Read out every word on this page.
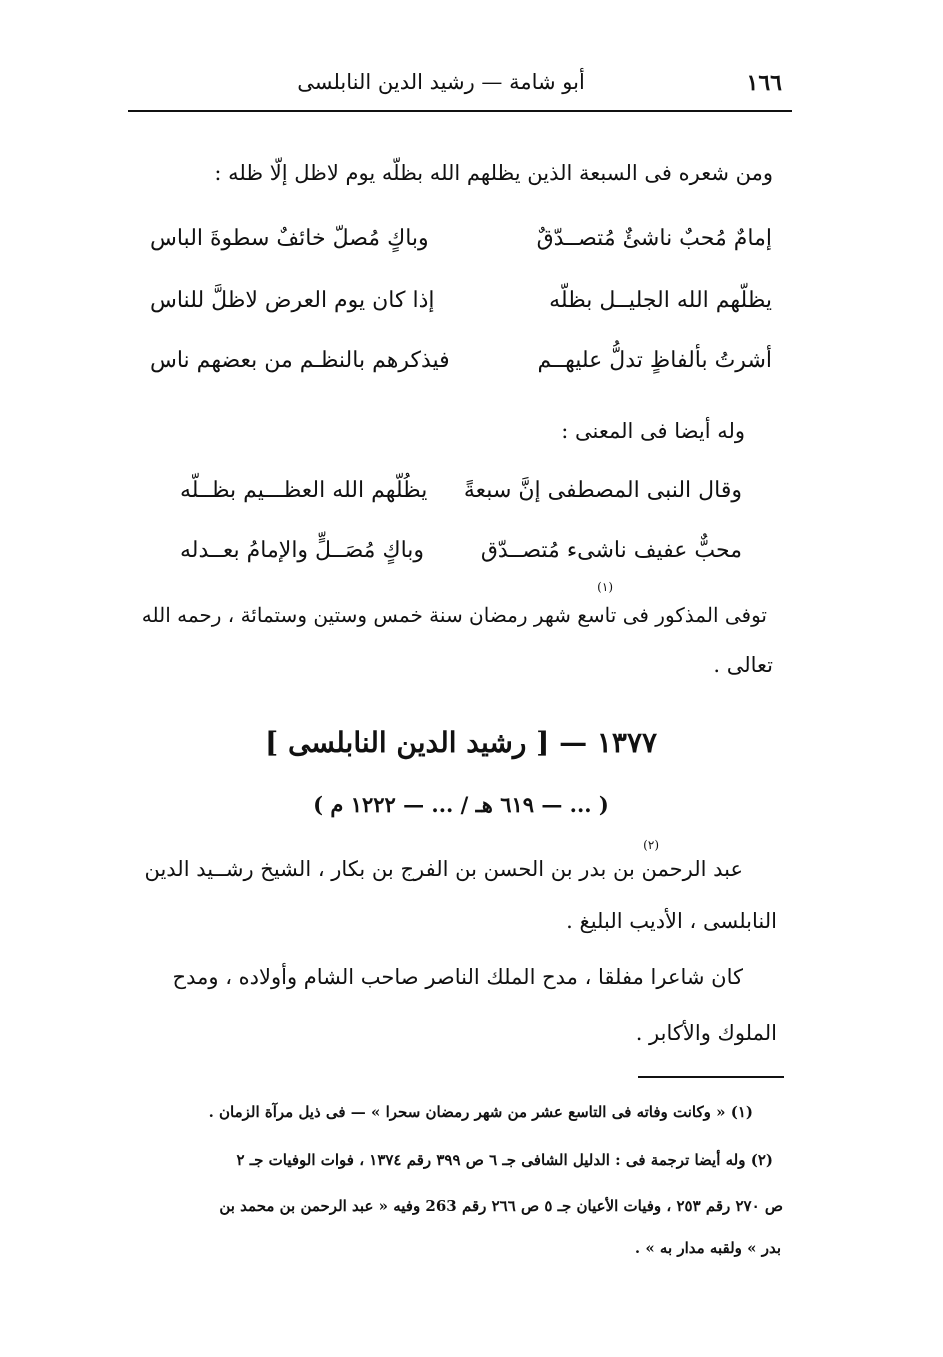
١٦٦
أبو شامة — رشيد الدين النابلسى
ومن شعره فى السبعة الذين يظلهم الله بظلّه يوم لاظل إلّا ظله :
إمامٌ مُحبٌ ناشئٌ مُتصــدّقٌ
وباكٍ مُصلّ خائفٌ سطوةَ الباس
يظلّهم الله الجليــل بظلّه
إذا كان يوم العرض لاظلَّ للناس
أشرتُ بألفاظٍ تدلُّ عليهــم
فيذكرهم بالنظـم من بعضهم ناس
وله أيضا فى المعنى :
وقال النبى المصطفى إنَّ سبعةً
يظُلّهم الله العظـــيم بظــلّه
محبٌّ عفيف ناشىء مُتصــدّق
وباكٍ مُصَــلٍّ والإمامُ بعــدله
توفى المذكور فى تاسع شهر رمضان سنة خمس وستين وستمائة ، رحمه الله
(١)
تعالى .
١٣٧٧ — [ رشيد الدين النابلسى ]
( ... — ٦١٩ هـ / ... — ١٢٢٢ م )
(٢)
عبد الرحمن بن بدر بن الحسن بن الفرج بن بكار ، الشيخ رشــيد الدين
النابلسى ، الأديب البليغ .
كان شاعرا مفلقا ، مدح الملك الناصر صاحب الشام وأولاده ، ومدح
الملوك والأكابر .
(١) « وكانت وفاته فى التاسع عشر من شهر رمضان سحرا » — فى ذيل مرآة الزمان .
(٢) وله أيضا ترجمة فى : الدليل الشافى جـ ٦ ص ٣٩٩ رقم ١٣٧٤ ، فوات الوفيات جـ ٢
ص ٢٧٠ رقم ٢٥٣ ، وفيات الأعيان جـ ٥ ص ٢٦٦ رقم 263 وفيه « عبد الرحمن بن محمد بن
بدر » ولقبه مدار به » .
